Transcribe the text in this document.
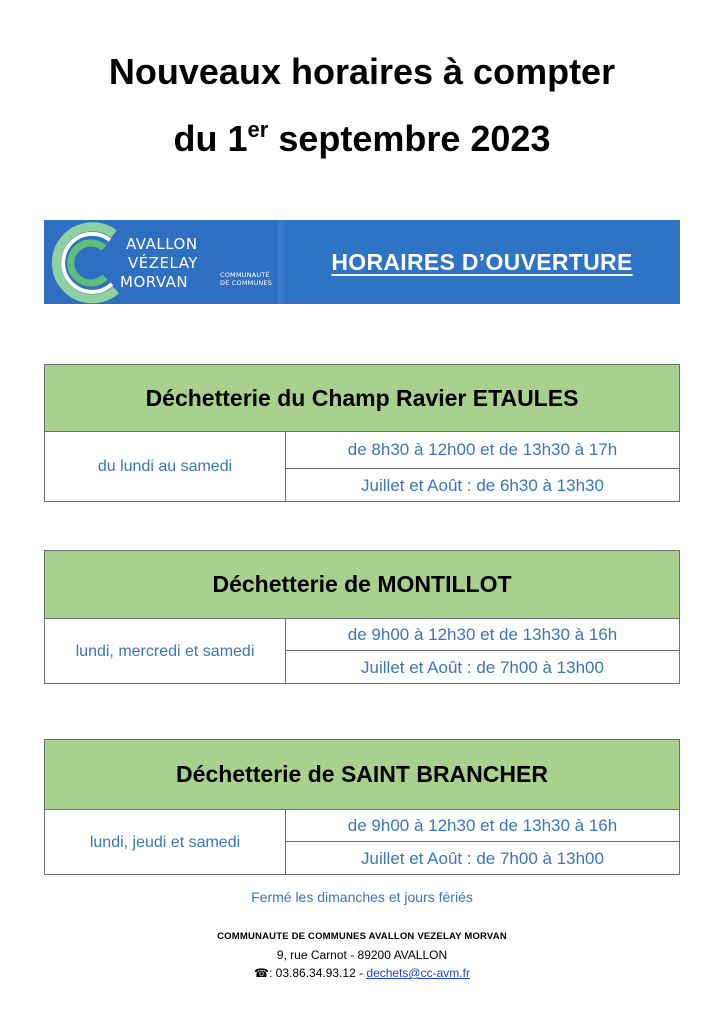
Nouveaux horaires à compter
du 1er septembre 2023
AVALLON
VÉZELAY
MORVAN	COMMUNAUTÉ
DE COMMUNES
HORAIRES D’OUVERTURE
Déchetterie du Champ Ravier ETAULES
du lundi au samedi
de 8h30 à 12h00 et de 13h30 à 17h
Juillet et Août : de 6h30 à 13h30
Déchetterie de MONTILLOT
lundi, mercredi et samedi
de 9h00 à 12h30 et de 13h30 à 16h
Juillet et Août : de 7h00 à 13h00
Déchetterie de SAINT BRANCHER
lundi, jeudi et samedi
de 9h00 à 12h30 et de 13h30 à 16h
Juillet et Août : de 7h00 à 13h00
Fermé les dimanches et jours fériés
COMMUNAUTE DE COMMUNES AVALLON VEZELAY MORVAN
9, rue Carnot - 89200 AVALLON
☎: 03.86.34.93.12 - dechets@cc-avm.fr
